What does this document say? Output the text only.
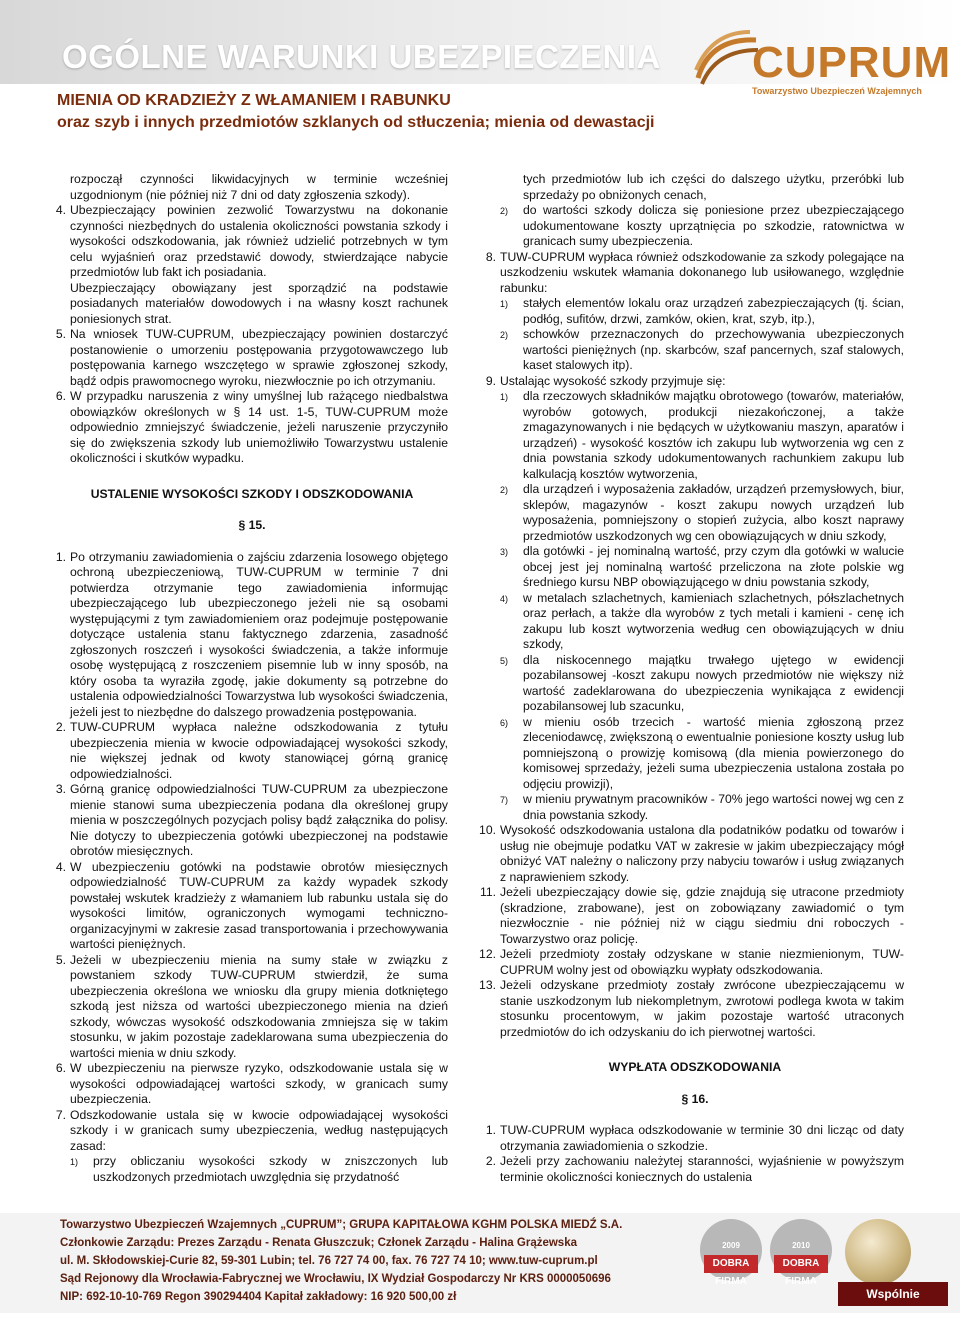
OGÓLNE WARUNKI UBEZPIECZENIA
MIENIA OD KRADZIEŻY Z WŁAMANIEM I RABUNKU
oraz szyb i innych przedmiotów szklanych od stłuczenia; mienia od dewastacji
CUPRUM
Towarzystwo Ubezpieczeń Wzajemnych

rozpoczął czynności likwidacyjnych w terminie wcześniej uzgodnionym (nie później niż 7 dni od daty zgłoszenia szkody).

4. Ubezpieczający powinien zezwolić Towarzystwu na dokonanie czynności niezbędnych do ustalenia okoliczności powstania szkody i wysokości odszkodowania, jak również udzielić potrzebnych w tym celu wyjaśnień oraz przedstawić dowody, stwierdzające nabycie przedmiotów lub fakt ich posiadania.

Ubezpieczający obowiązany jest sporządzić na podstawie posiadanych materiałów dowodowych i na własny koszt rachunek poniesionych strat.

5. Na wniosek TUW-CUPRUM, ubezpieczający powinien dostarczyć postanowienie o umorzeniu postępowania przygotowawczego lub postępowania karnego wszczętego w sprawie zgłoszonej szkody, bądź odpis prawomocnego wyroku, niezwłocznie po ich otrzymaniu.
6. W przypadku naruszenia z winy umyślnej lub rażącego niedbalstwa obowiązków określonych w § 14 ust. 1-5, TUW-CUPRUM może odpowiednio zmniejszyć świadczenie, jeżeli naruszenie przyczyniło się do zwiększenia szkody lub uniemożliwiło Towarzystwu ustalenie okoliczności i skutków wypadku.
USTALENIE WYSOKOŚCI SZKODY I ODSZKODOWANIA
§ 15.
1. Po otrzymaniu zawiadomienia o zajściu zdarzenia losowego objętego ochroną ubezpieczeniową, TUW-CUPRUM w terminie 7 dni potwierdza otrzymanie tego zawiadomienia informując ubezpieczającego lub ubezpieczonego jeżeli nie są osobami występującymi z tym zawiadomieniem oraz podejmuje postępowanie dotyczące ustalenia stanu faktycznego zdarzenia, zasadność zgłoszonych roszczeń i wysokości świadczenia, a także informuje osobę występującą z roszczeniem pisemnie lub w inny sposób, na który osoba ta wyraziła zgodę, jakie dokumenty są potrzebne do ustalenia odpowiedzialności Towarzystwa lub wysokości świadczenia, jeżeli jest to niezbędne do dalszego prowadzenia postępowania.
2. TUW-CUPRUM wypłaca należne odszkodowania z tytułu ubezpieczenia mienia w kwocie odpowiadającej wysokości szkody, nie większej jednak od kwoty stanowiącej górną granicę odpowiedzialności.
3. Górną granicę odpowiedzialności TUW-CUPRUM za ubezpieczone mienie stanowi suma ubezpieczenia podana dla określonej grupy mienia w poszczególnych pozycjach polisy bądź załącznika do polisy. Nie dotyczy to ubezpieczenia gotówki ubezpieczonej na podstawie obrotów miesięcznych.
4. W ubezpieczeniu gotówki na podstawie obrotów miesięcznych odpowiedzialność TUW-CUPRUM za każdy wypadek szkody powstałej wskutek kradzieży z włamaniem lub rabunku ustala się do wysokości limitów, ograniczonych wymogami techniczno-organizacyjnymi w zakresie zasad transportowania i przechowywania wartości pieniężnych.
5. Jeżeli w ubezpieczeniu mienia na sumy stałe w związku z powstaniem szkody TUW-CUPRUM stwierdził, że suma ubezpieczenia określona we wniosku dla grupy mienia dotkniętego szkodą jest niższa od wartości ubezpieczonego mienia na dzień szkody, wówczas wysokość odszkodowania zmniejsza się w takim stosunku, w jakim pozostaje zadeklarowana suma ubezpieczenia do wartości mienia w dniu szkody.
6. W ubezpieczeniu na pierwsze ryzyko, odszkodowanie ustala się w wysokości odpowiadającej wartości szkody, w granicach sumy ubezpieczenia.
7. Odszkodowanie ustala się w kwocie odpowiadającej wysokości szkody i w granicach sumy ubezpieczenia, według następujących zasad:
1) przy obliczaniu wysokości szkody w zniszczonych lub uszkodzonych przedmiotach uwzględnia się przydatność

tych przedmiotów lub ich części do dalszego użytku, przeróbki lub sprzedaży po obniżonych cenach,

2) do wartości szkody dolicza się poniesione przez ubezpieczającego udokumentowane koszty uprzątnięcia po szkodzie, ratownictwa w granicach sumy ubezpieczenia.
8. TUW-CUPRUM wypłaca również odszkodowanie za szkody polegające na uszkodzeniu wskutek włamania dokonanego lub usiłowanego, względnie rabunku:
1) stałych elementów lokalu oraz urządzeń zabezpieczających (tj. ścian, podłóg, sufitów, drzwi, zamków, okien, krat, szyb, itp.),
2) schowków przeznaczonych do przechowywania ubezpieczonych wartości pieniężnych (np. skarbców, szaf pancernych, szaf stalowych, kaset stalowych itp).
9. Ustalając wysokość szkody przyjmuje się:
1) dla rzeczowych składników majątku obrotowego (towarów, materiałów, wyrobów gotowych, produkcji niezakończonej, a także zmagazynowanych i nie będących w użytkowaniu maszyn, aparatów i urządzeń) - wysokość kosztów ich zakupu lub wytworzenia wg cen z dnia powstania szkody udokumentowanych rachunkiem zakupu lub kalkulacją kosztów wytworzenia,
2) dla urządzeń i wyposażenia zakładów, urządzeń przemysłowych, biur, sklepów, magazynów - koszt zakupu nowych urządzeń lub wyposażenia, pomniejszony o stopień zużycia, albo koszt naprawy przedmiotów uszkodzonych wg cen obowiązujących w dniu szkody,
3) dla gotówki - jej nominalną wartość, przy czym dla gotówki w walucie obcej jest jej nominalną wartość przeliczona na złote polskie wg średniego kursu NBP obowiązującego w dniu powstania szkody,
4) w metalach szlachetnych, kamieniach szlachetnych, półszlachetnych oraz perłach, a także dla wyrobów z tych metali i kamieni - cenę ich zakupu lub koszt wytworzenia według cen obowiązujących w dniu szkody,
5) dla niskocennego majątku trwałego ujętego w ewidencji pozabilansowej -koszt zakupu nowych przedmiotów nie większy niż wartość zadeklarowana do ubezpieczenia wynikająca z ewidencji pozabilansowej lub szacunku,
6) w mieniu osób trzecich - wartość mienia zgłoszoną przez zleceniodawcę, zwiększoną o ewentualnie poniesione koszty usług lub pomniejszoną o prowizję komisową (dla mienia powierzonego do komisowej sprzedaży, jeżeli suma ubezpieczenia ustalona została po odjęciu prowizji),
7) w mieniu prywatnym pracowników - 70% jego wartości nowej wg cen z dnia powstania szkody.
10. Wysokość odszkodowania ustalona dla podatników podatku od towarów i usług nie obejmuje podatku VAT w zakresie w jakim ubezpieczający mógł obniżyć VAT należny o naliczony przy nabyciu towarów i usług związanych z naprawieniem szkody.
11. Jeżeli ubezpieczający dowie się, gdzie znajdują się utracone przedmioty (skradzione, zrabowane), jest on zobowiązany zawiadomić o tym niezwłocznie - nie później niż w ciągu siedmiu dni roboczych - Towarzystwo oraz policję.
12. Jeżeli przedmioty zostały odzyskane w stanie niezmienionym, TUW-CUPRUM wolny jest od obowiązku wypłaty odszkodowania.
13. Jeżeli odzyskane przedmioty zostały zwrócone ubezpieczającemu w stanie uszkodzonym lub niekompletnym, zwrotowi podlega kwota w takim stosunku procentowym, w jakim pozostaje wartość utraconych przedmiotów do ich odzyskaniu do ich pierwotnej wartości.
WYPŁATA ODSZKODOWANIA
§ 16.
1. TUW-CUPRUM wypłaca odszkodowanie w terminie 30 dni licząc od daty otrzymania zawiadomienia o szkodzie.
2. Jeżeli przy zachowaniu należytej staranności, wyjaśnienie w powyższym terminie okoliczności koniecznych do ustalenia
Towarzystwo Ubezpieczeń Wzajemnych „CUPRUM”; GRUPA KAPITAŁOWA KGHM POLSKA MIEDŹ S.A.
Członkowie Zarządu: Prezes Zarządu - Renata Głuszczuk; Członek Zarządu - Halina Grążewska
ul. M. Skłodowskiej-Curie 82, 59-301 Lubin; tel. 76 727 74 00, fax. 76 727 74 10; www.tuw-cuprum.pl
Sąd Rejonowy dla Wrocławia-Fabrycznej we Wrocławiu, IX Wydział Gospodarczy Nr KRS 0000050696
NIP: 692-10-10-769 Regon 390294404 Kapitał zakładowy: 16 920 500,00 zł
DOBRA FIRMA
2009
DOBRA FIRMA
2010
Wspólnie Bezpieczniej
